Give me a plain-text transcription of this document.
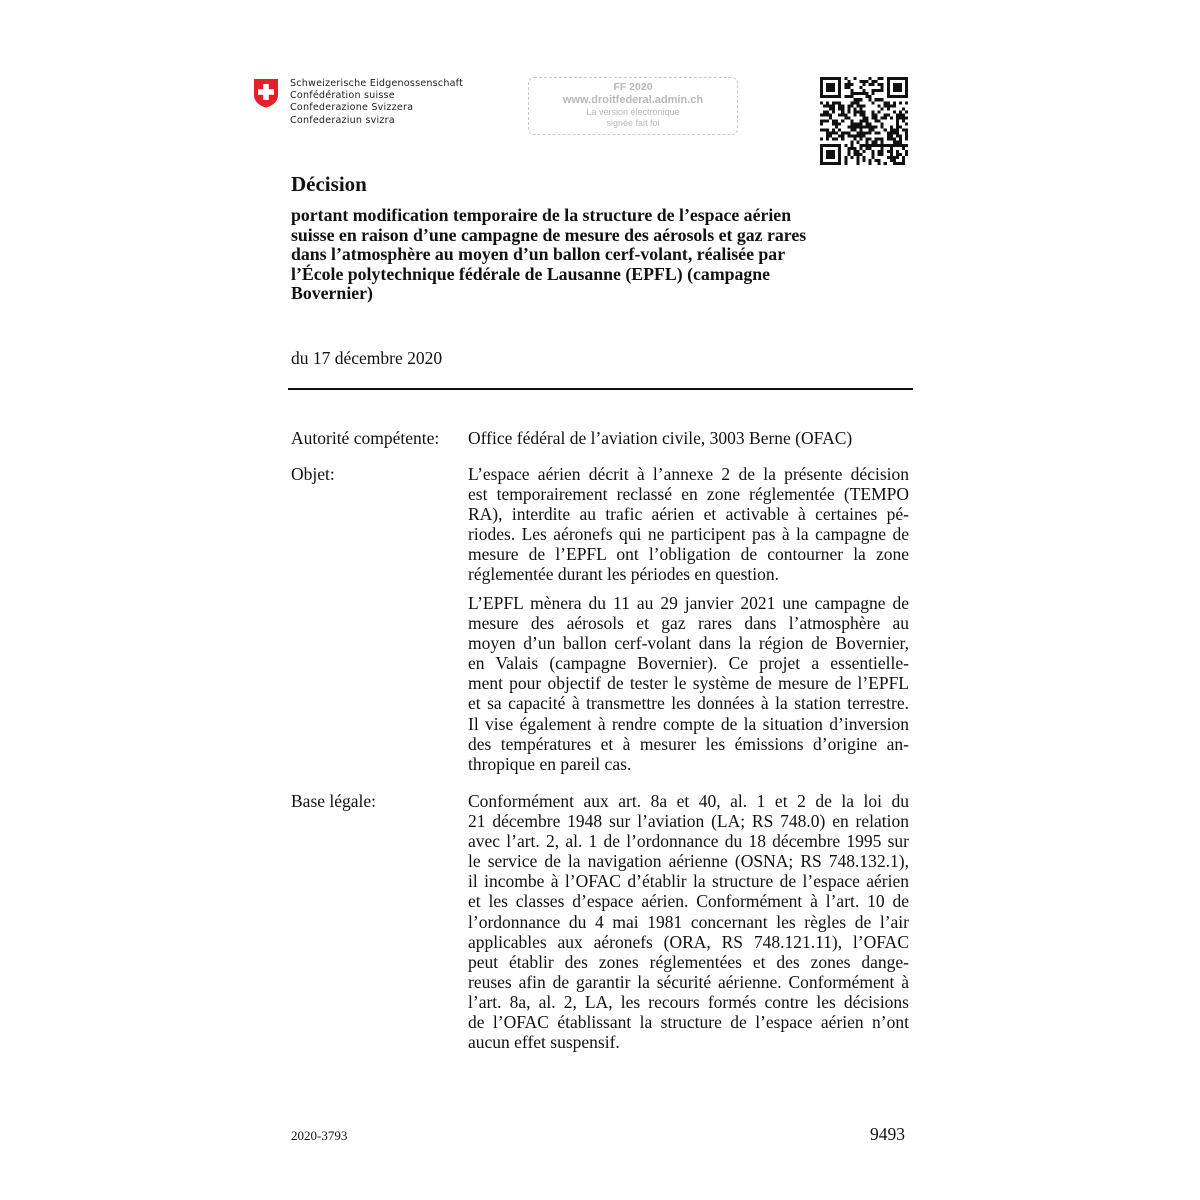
Schweizerische Eidgenossenschaft
Confédération suisse
Confederazione Svizzera
Confederaziun svizra
FF 2020
www.droitfederal.admin.ch
La version électronique
signée fait foi
Décision
portant modification temporaire de la structure de l’espace aérien
suisse en raison d’une campagne de mesure des aérosols et gaz rares
dans l’atmosphère au moyen d’un ballon cerf-volant, réalisée par
l’École polytechnique fédérale de Lausanne (EPFL) (campagne
Bovernier)
du 17 décembre 2020
Autorité compétente: Office fédéral de l’aviation civile, 3003 Berne (OFAC)
Objet:	L’espace aérien décrit à l’annexe 2 de la présente décision
est temporairement reclassé en zone réglementée (TEMPO
RA), interdite au trafic aérien et activable à certaines pé-
riodes. Les aéronefs qui ne participent pas à la campagne de
mesure de l’EPFL ont l’obligation de contourner la zone
réglementée durant les périodes en question.
L’EPFL mènera du 11 au 29 janvier 2021 une campagne de
mesure des aérosols et gaz rares dans l’atmosphère au
moyen d’un ballon cerf-volant dans la région de Bovernier,
en Valais (campagne Bovernier). Ce projet a essentielle-
ment pour objectif de tester le système de mesure de l’EPFL
et sa capacité à transmettre les données à la station terrestre.
Il vise également à rendre compte de la situation d’inversion
des températures et à mesurer les émissions d’origine an-
thropique en pareil cas.
Base légale:	Conformément aux art. 8a et 40, al. 1 et 2 de la loi du
21 décembre 1948 sur l’aviation (LA; RS 748.0) en relation
avec l’art. 2, al. 1 de l’ordonnance du 18 décembre 1995 sur
le service de la navigation aérienne (OSNA; RS 748.132.1),
il incombe à l’OFAC d’établir la structure de l’espace aérien
et les classes d’espace aérien. Conformément à l’art. 10 de
l’ordonnance du 4 mai 1981 concernant les règles de l’air
applicables aux aéronefs (ORA, RS 748.121.11), l’OFAC
peut établir des zones réglementées et des zones dange-
reuses afin de garantir la sécurité aérienne. Conformément à
l’art. 8a, al. 2, LA, les recours formés contre les décisions
de l’OFAC établissant la structure de l’espace aérien n’ont
aucun effet suspensif.
2020-3793	9493
